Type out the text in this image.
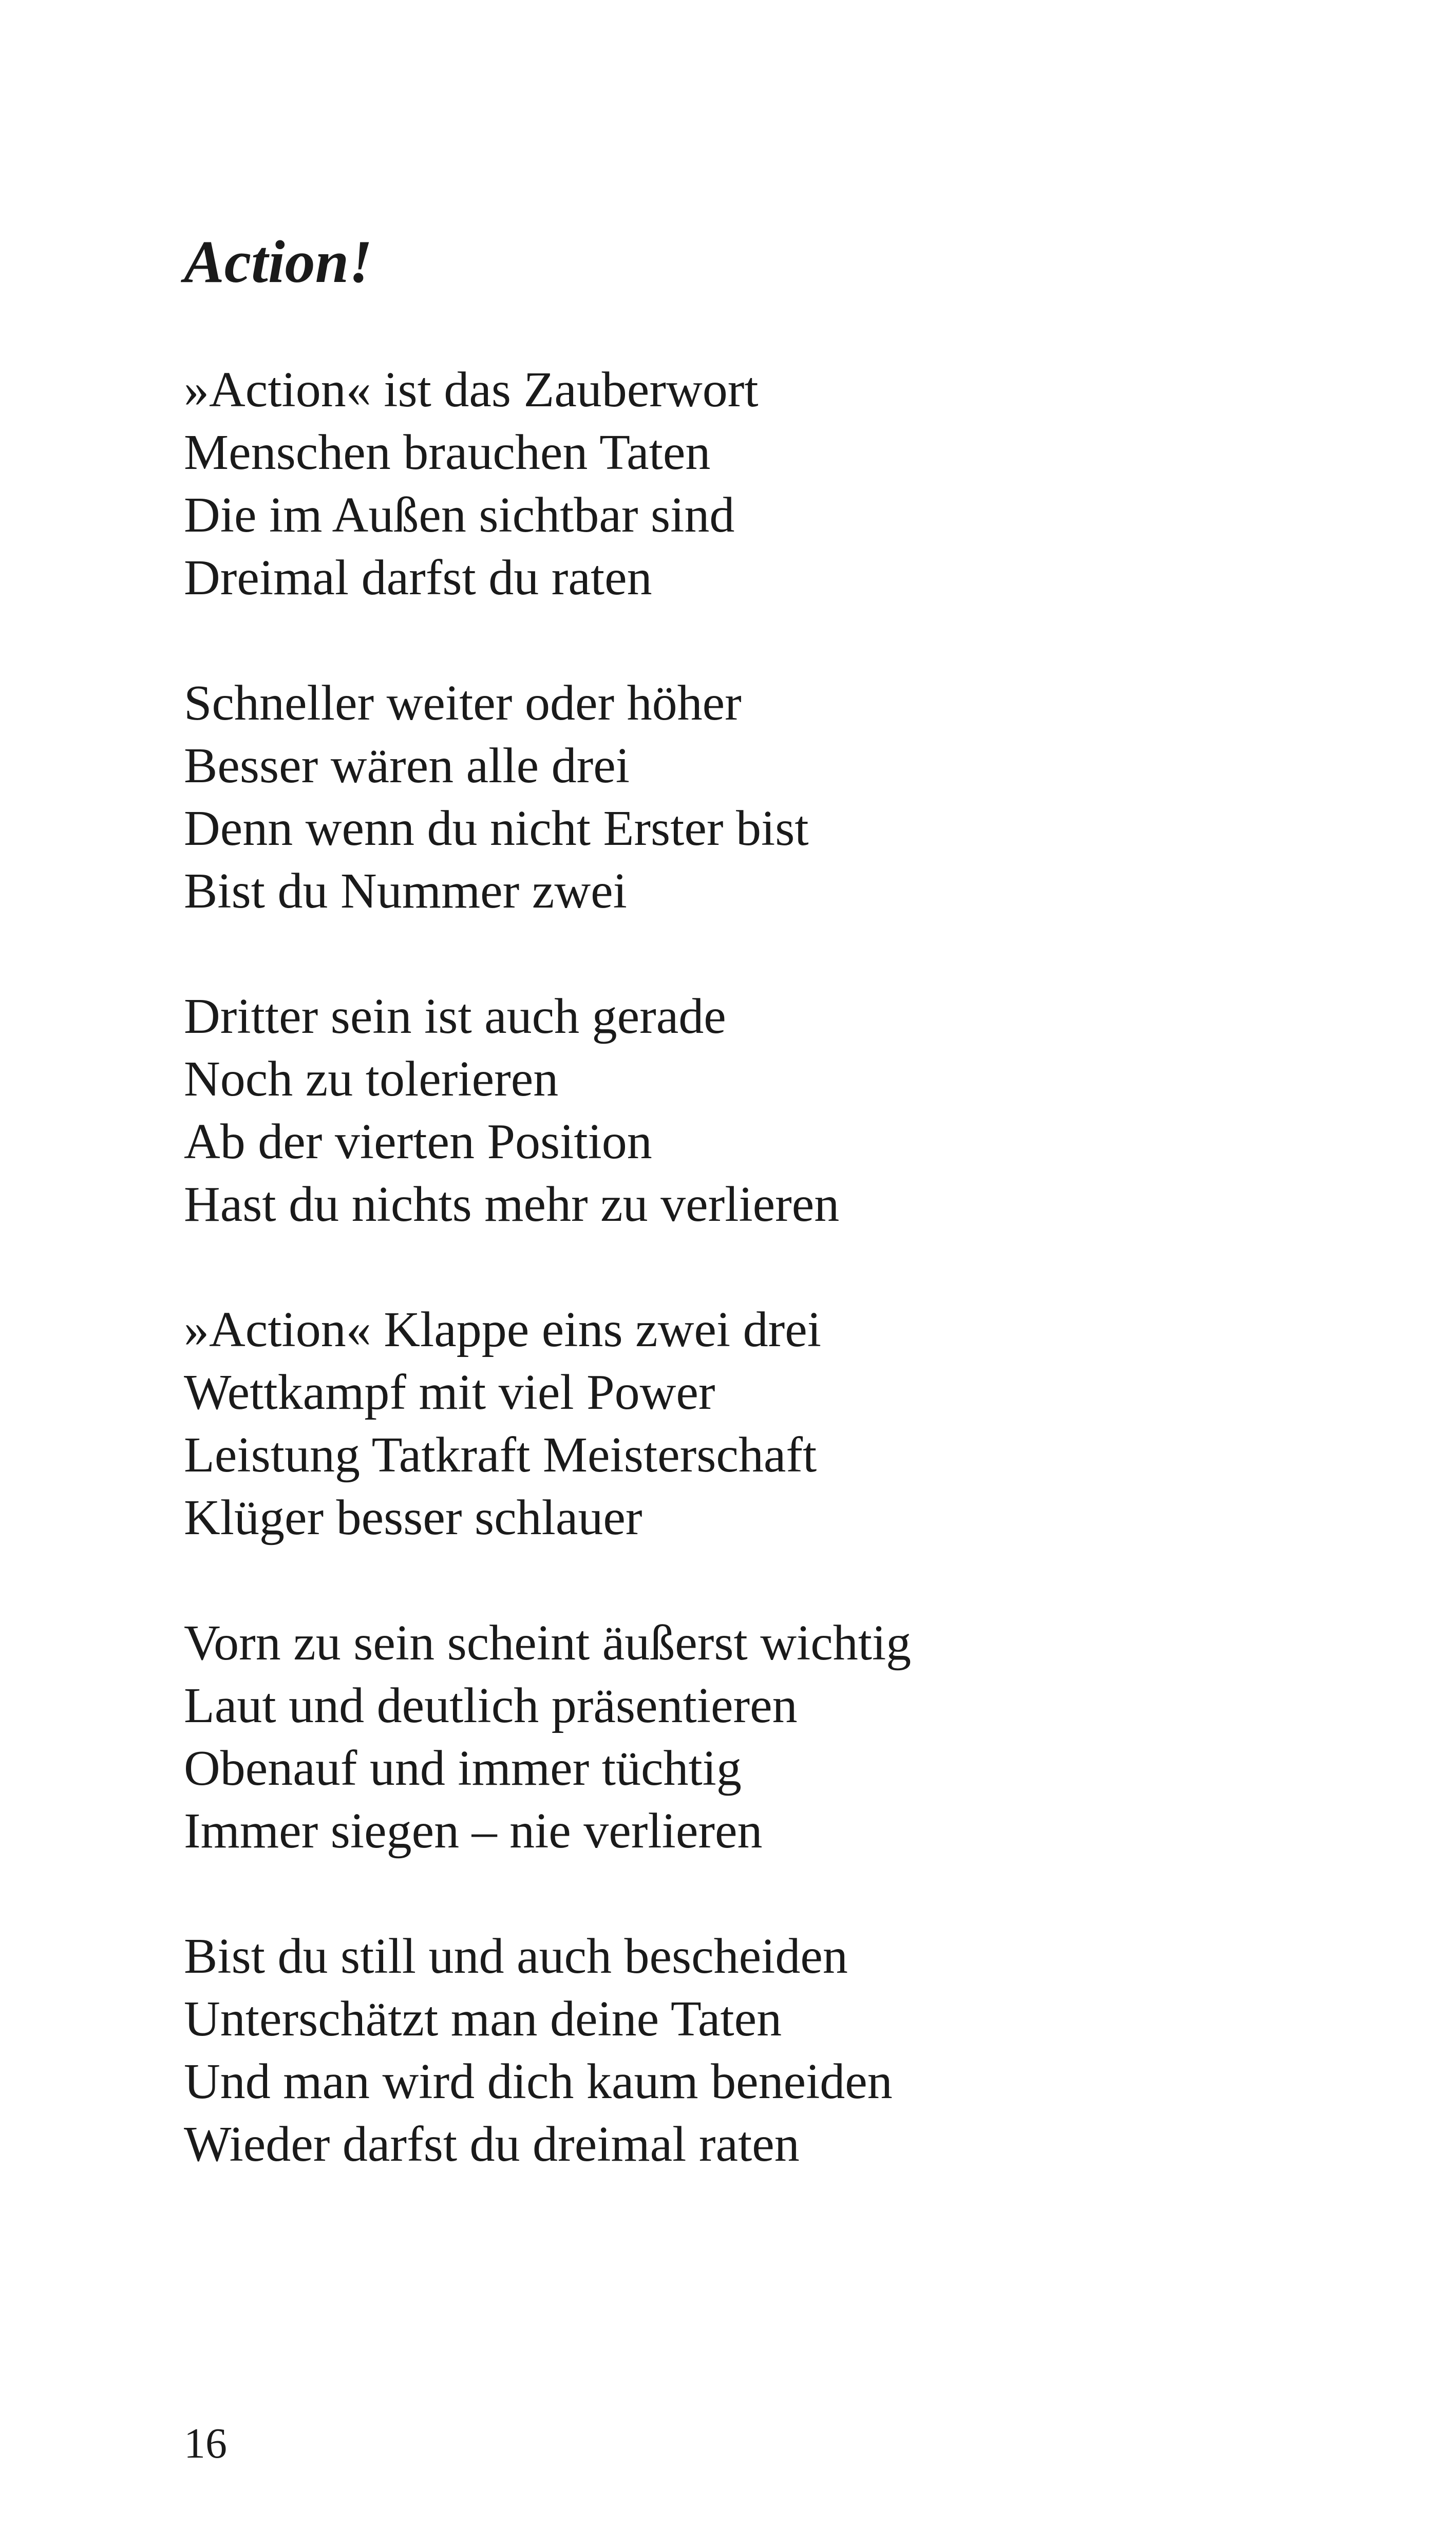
Action!
»Action« ist das Zauberwort
Menschen brauchen Taten
Die im Außen sichtbar sind
Dreimal darfst du raten
Schneller weiter oder höher
Besser wären alle drei
Denn wenn du nicht Erster bist
Bist du Nummer zwei
Dritter sein ist auch gerade
Noch zu tolerieren
Ab der vierten Position
Hast du nichts mehr zu verlieren
»Action« Klappe eins zwei drei
Wettkampf mit viel Power
Leistung Tatkraft Meisterschaft
Klüger besser schlauer
Vorn zu sein scheint äußerst wichtig
Laut und deutlich präsentieren
Obenauf und immer tüchtig
Immer siegen – nie verlieren
Bist du still und auch bescheiden
Unterschätzt man deine Taten
Und man wird dich kaum beneiden
Wieder darfst du dreimal raten
16
